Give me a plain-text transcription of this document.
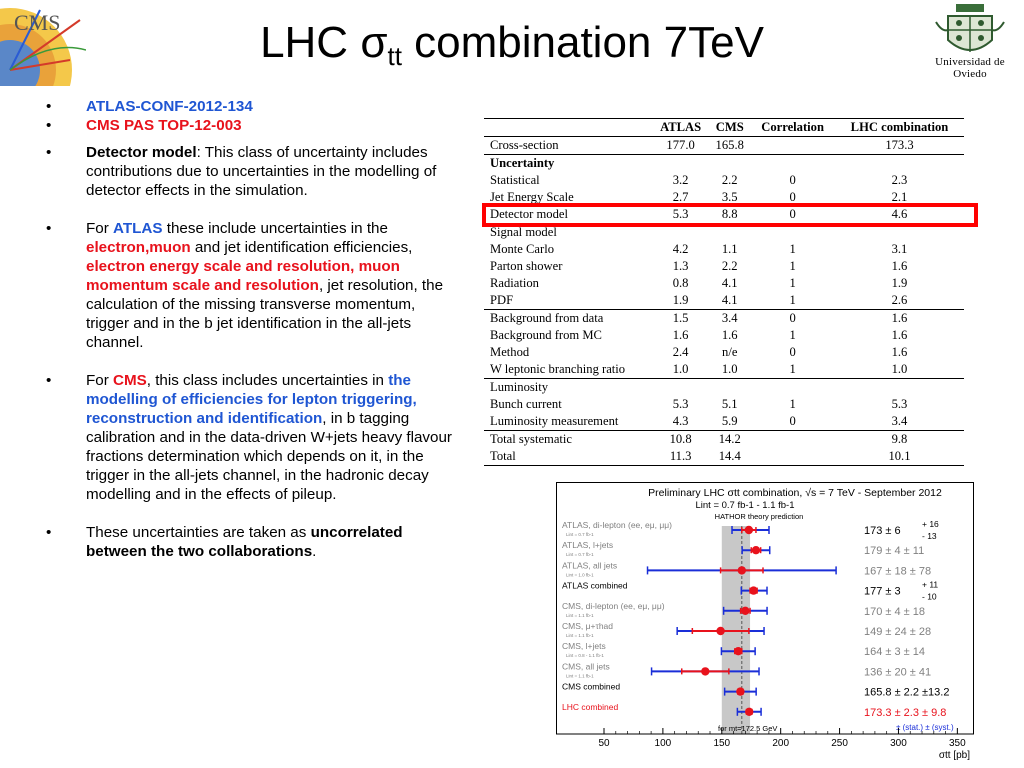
CMS
Universidad de Oviedo
LHC $\sigma_{tt}$ combination 7TeV
• ATLAS-CONF-2012-134
• CMS PAS TOP-12-003
• Detector model: This class of uncertainty includes contributions due to uncertainties in the modelling of detector effects in the simulation.
• For ATLAS these include uncertainties in the electron,muon and jet identification efficiencies, electron energy scale and resolution, muon momentum scale and resolution, jet resolution, the calculation of the missing transverse momentum, trigger and in the b jet identification in the all-jets channel.
• For CMS, this class includes uncertainties in the modelling of efficiencies for lepton triggering, reconstruction and identification, in b tagging calibration and in the data-driven W+jets heavy flavour fractions determination which depends on it, in the trigger in the all-jets channel, in the hadronic decay modelling and in the effects of pileup.
• These uncertainties are taken as uncorrelated between the two collaborations.
	ATLAS	CMS	Correlation	LHC combination
Cross-section	177.0	165.8		173.3
Uncertainty				
Statistical	3.2	2.2	0	2.3
Jet Energy Scale	2.7	3.5	0	2.1
Detector model	5.3	8.8	0	4.6
Signal model				
Monte Carlo	4.2	1.1	1	3.1
Parton shower	1.3	2.2	1	1.6
Radiation	0.8	4.1	1	1.9
PDF	1.9	4.1	1	2.6
Background from data	1.5	3.4	0	1.6
Background from MC	1.6	1.6	1	1.6
Method	2.4	n/e	0	1.6
W leptonic branching ratio	1.0	1.0	1	1.0
Luminosity				
Bunch current	5.3	5.1	1	5.3
Luminosity measurement	4.3	5.9	0	3.4
Total systematic	10.8	14.2		9.8
Total	11.3	14.4		10.1
Preliminary LHC σtt combination, √s = 7 TeV - September 2012
Lint = 0.7 fb-1 - 1.1 fb-1
HATHOR theory prediction
ATLAS, di-lepton (ee, eμ, μμ)
Lint = 0.7 fb-1	173 ± 6
+ 16
- 13
ATLAS, l+jets
Lint = 0.7 fb-1	179 ± 4 ± 11
ATLAS, all jets
Lint = 1.0 fb-1	167 ± 18 ± 78
ATLAS combined	177 ± 3
+ 11
- 10
CMS, di-lepton (ee, eμ, μμ)
Lint = 1.1 fb-1	170 ± 4 ± 18
CMS, μ+τhad
Lint = 1.1 fb-1	149 ± 24 ± 28
CMS, l+jets
Lint = 0.8 - 1.1 fb-1	164 ± 3 ± 14
CMS, all jets
Lint = 1.1 fb-1	136 ± 20 ± 41
CMS combined	165.8 ± 2.2 ±13.2
LHC combined	173.3 ± 2.3 ± 9.8
for mt=172.5 GeV	± (stat.) ± (syst.)
50	100	150	200	250	300	350
σtt [pb]
